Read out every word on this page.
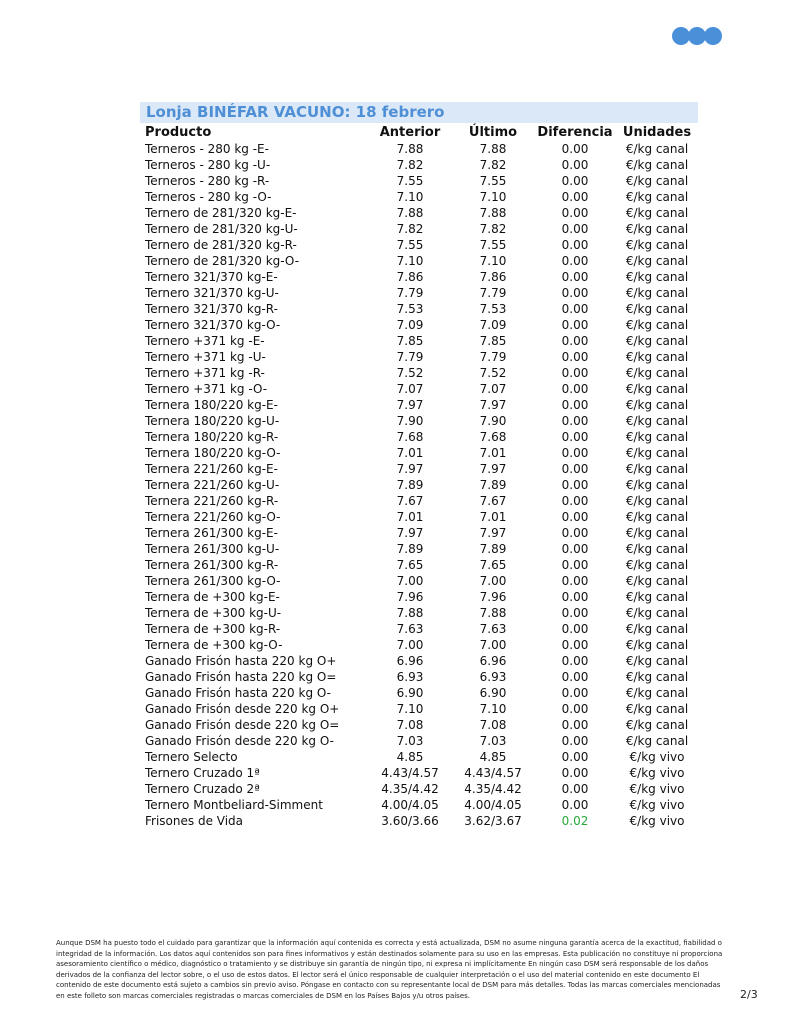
Lonja BINÉFAR VACUNO: 18 febrero
Producto	Anterior	Último	Diferencia	Unidades
Terneros - 280 kg -E-	7.88	7.88	0.00	€/kg canal
Terneros - 280 kg -U-	7.82	7.82	0.00	€/kg canal
Terneros - 280 kg -R-	7.55	7.55	0.00	€/kg canal
Terneros - 280 kg -O-	7.10	7.10	0.00	€/kg canal
Ternero de 281/320 kg-E-	7.88	7.88	0.00	€/kg canal
Ternero de 281/320 kg-U-	7.82	7.82	0.00	€/kg canal
Ternero de 281/320 kg-R-	7.55	7.55	0.00	€/kg canal
Ternero de 281/320 kg-O-	7.10	7.10	0.00	€/kg canal
Ternero 321/370 kg-E-	7.86	7.86	0.00	€/kg canal
Ternero 321/370 kg-U-	7.79	7.79	0.00	€/kg canal
Ternero 321/370 kg-R-	7.53	7.53	0.00	€/kg canal
Ternero 321/370 kg-O-	7.09	7.09	0.00	€/kg canal
Ternero +371 kg -E-	7.85	7.85	0.00	€/kg canal
Ternero +371 kg -U-	7.79	7.79	0.00	€/kg canal
Ternero +371 kg -R-	7.52	7.52	0.00	€/kg canal
Ternero +371 kg -O-	7.07	7.07	0.00	€/kg canal
Ternera 180/220 kg-E-	7.97	7.97	0.00	€/kg canal
Ternera 180/220 kg-U-	7.90	7.90	0.00	€/kg canal
Ternera 180/220 kg-R-	7.68	7.68	0.00	€/kg canal
Ternera 180/220 kg-O-	7.01	7.01	0.00	€/kg canal
Ternera 221/260 kg-E-	7.97	7.97	0.00	€/kg canal
Ternera 221/260 kg-U-	7.89	7.89	0.00	€/kg canal
Ternera 221/260 kg-R-	7.67	7.67	0.00	€/kg canal
Ternera 221/260 kg-O-	7.01	7.01	0.00	€/kg canal
Ternera 261/300 kg-E-	7.97	7.97	0.00	€/kg canal
Ternera 261/300 kg-U-	7.89	7.89	0.00	€/kg canal
Ternera 261/300 kg-R-	7.65	7.65	0.00	€/kg canal
Ternera 261/300 kg-O-	7.00	7.00	0.00	€/kg canal
Ternera de +300 kg-E-	7.96	7.96	0.00	€/kg canal
Ternera de +300 kg-U-	7.88	7.88	0.00	€/kg canal
Ternera de +300 kg-R-	7.63	7.63	0.00	€/kg canal
Ternera de +300 kg-O-	7.00	7.00	0.00	€/kg canal
Ganado Frisón hasta 220 kg O+	6.96	6.96	0.00	€/kg canal
Ganado Frisón hasta 220 kg O=	6.93	6.93	0.00	€/kg canal
Ganado Frisón hasta 220 kg O-	6.90	6.90	0.00	€/kg canal
Ganado Frisón desde 220 kg O+	7.10	7.10	0.00	€/kg canal
Ganado Frisón desde 220 kg O=	7.08	7.08	0.00	€/kg canal
Ganado Frisón desde 220 kg O-	7.03	7.03	0.00	€/kg canal
Ternero Selecto	4.85	4.85	0.00	€/kg vivo
Ternero Cruzado 1ª	4.43/4.57	4.43/4.57	0.00	€/kg vivo
Ternero Cruzado 2ª	4.35/4.42	4.35/4.42	0.00	€/kg vivo
Ternero Montbeliard-Simment	4.00/4.05	4.00/4.05	0.00	€/kg vivo
Frisones de Vida	3.60/3.66	3.62/3.67	0.02	€/kg vivo
Aunque DSM ha puesto todo el cuidado para garantizar que la información aquí contenida es correcta y está actualizada, DSM no asume ninguna garantía acerca de la exactitud, fiabilidad o integridad de la información. Los datos aquí contenidos son para fines informativos y están destinados solamente para su uso en las empresas. Esta publicación no constituye ni proporciona asesoramiento científico o médico, diagnóstico o tratamiento y se distribuye sin garantía de ningún tipo, ni expresa ni implícitamente En ningún caso DSM será responsable de los daños derivados de la confianza del lector sobre, o el uso de estos datos. El lector será el único responsable de cualquier interpretación o el uso del material contenido en este documento El contenido de este documento está sujeto a cambios sin previo aviso. Póngase en contacto con su representante local de DSM para más detalles. Todas las marcas comerciales mencionadas en este folleto son marcas comerciales registradas o marcas comerciales de DSM en los Países Bajos y/u otros países.	2/3
